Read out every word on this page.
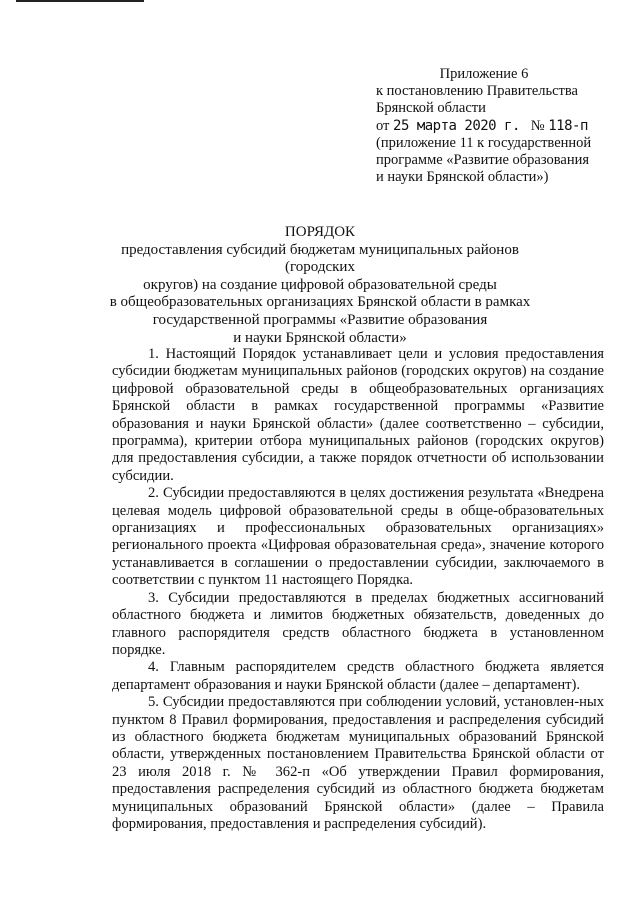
Приложение 6
к постановлению Правительства
Брянской области
от 25 марта 2020 г. № 118-п
(приложение 11 к государственной
программе «Развитие образования
и науки Брянской области»)
ПОРЯДОК
предоставления субсидий бюджетам муниципальных районов (городских
округов) на создание цифровой образовательной среды
в общеобразовательных организациях Брянской области в рамках
государственной программы «Развитие образования
и науки Брянской области»

1. Настоящий Порядок устанавливает цели и условия предоставления субсидии бюджетам муниципальных районов (городских округов) на создание цифровой образовательной среды в общеобразовательных организациях Брянской области в рамках государственной программы «Развитие образования и науки Брянской области» (далее соответственно – субсидии, программа), критерии отбора муниципальных районов (городских округов) для предоставления субсидии, а также порядок отчетности об использовании субсидии.

2. Субсидии предоставляются в целях достижения результата «Внедрена целевая модель цифровой образовательной среды в обще-образовательных организациях и профессиональных образовательных организациях» регионального проекта «Цифровая образовательная среда», значение которого устанавливается в соглашении о предоставлении субсидии, заключаемого в соответствии с пунктом 11 настоящего Порядка.

3. Субсидии предоставляются в пределах бюджетных ассигнований областного бюджета и лимитов бюджетных обязательств, доведенных до главного распорядителя средств областного бюджета в установленном порядке.

4. Главным распорядителем средств областного бюджета является департамент образования и науки Брянской области (далее – департамент).

5. Субсидии предоставляются при соблюдении условий, установлен-ных пунктом 8 Правил формирования, предоставления и распределения субсидий из областного бюджета бюджетам муниципальных образований Брянской области, утвержденных постановлением Правительства Брянской области от 23 июля 2018 г. № 362-п «Об утверждении Правил формирования, предоставления распределения субсидий из областного бюджета бюджетам муниципальных образований Брянской области» (далее – Правила формирования, предоставления и распределения субсидий).
